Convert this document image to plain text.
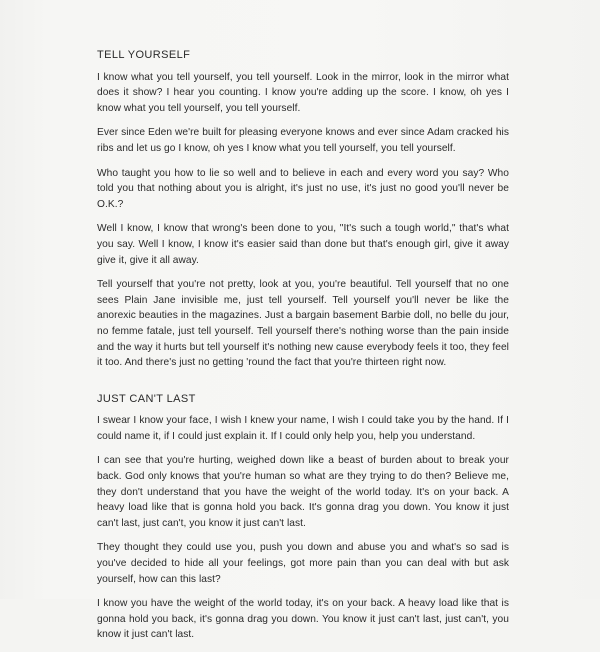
TELL YOURSELF

I know what you tell yourself, you tell yourself. Look in the mirror, look in the mirror what does it show? I hear you counting. I know you're adding up the score. I know, oh yes I know what you tell yourself, you tell yourself.

Ever since Eden we're built for pleasing everyone knows and ever since Adam cracked his ribs and let us go I know, oh yes I know what you tell yourself, you tell yourself.

Who taught you how to lie so well and to believe in each and every word you say? Who told you that nothing about you is alright, it's just no use, it's just no good you'll never be O.K.?

Well I know, I know that wrong's been done to you, "It's such a tough world," that's what you say. Well I know, I know it's easier said than done but that's enough girl, give it away give it, give it all away.

Tell yourself that you're not pretty, look at you, you're beautiful. Tell yourself that no one sees Plain Jane invisible me, just tell yourself. Tell yourself you'll never be like the anorexic beauties in the magazines. Just a bargain basement Barbie doll, no belle du jour, no femme fatale, just tell yourself. Tell yourself there's nothing worse than the pain inside and the way it hurts but tell yourself it's nothing new cause everybody feels it too, they feel it too. And there's just no getting 'round the fact that you're thirteen right now.

JUST CAN'T LAST

I swear I know your face, I wish I knew your name, I wish I could take you by the hand. If I could name it, if I could just explain it. If I could only help you, help you understand.

I can see that you're hurting, weighed down like a beast of burden about to break your back. God only knows that you're human so what are they trying to do then? Believe me, they don't understand that you have the weight of the world today. It's on your back. A heavy load like that is gonna hold you back. It's gonna drag you down. You know it just can't last, just can't, you know it just can't last.

They thought they could use you, push you down and abuse you and what's so sad is you've decided to hide all your feelings, got more pain than you can deal with but ask yourself, how can this last?

I know you have the weight of the world today, it's on your back. A heavy load like that is gonna hold you back, it's gonna drag you down. You know it just can't last, just can't, you know it just can't last.
